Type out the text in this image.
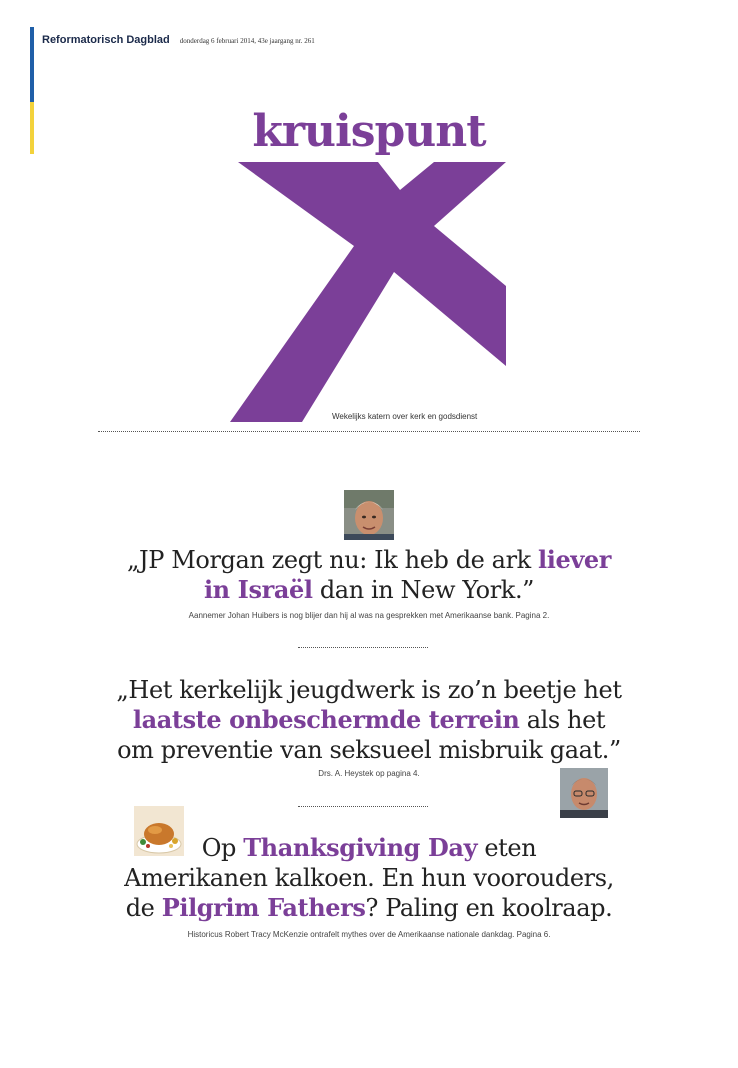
Reformatorisch Dagblad donderdag 6 februari 2014, 43e jaargang nr. 261
kruispunt
Wekelijks katern over kerk en godsdienst
„JP Morgan zegt nu: Ik heb de ark liever
in Israël dan in New York.”
Aannemer Johan Huibers is nog blijer dan hij al was na gesprekken met Amerikaanse bank. Pagina 2.
„Het kerkelijk jeugdwerk is zo’n beetje het
laatste onbeschermde terrein als het
om preventie van seksueel misbruik gaat.”
Drs. A. Heystek op pagina 4.
Op Thanksgiving Day eten
Amerikanen kalkoen. En hun voorouders,
de Pilgrim Fathers? Paling en koolraap.
Historicus Robert Tracy McKenzie ontrafelt mythes over de Amerikaanse nationale dankdag. Pagina 6.
